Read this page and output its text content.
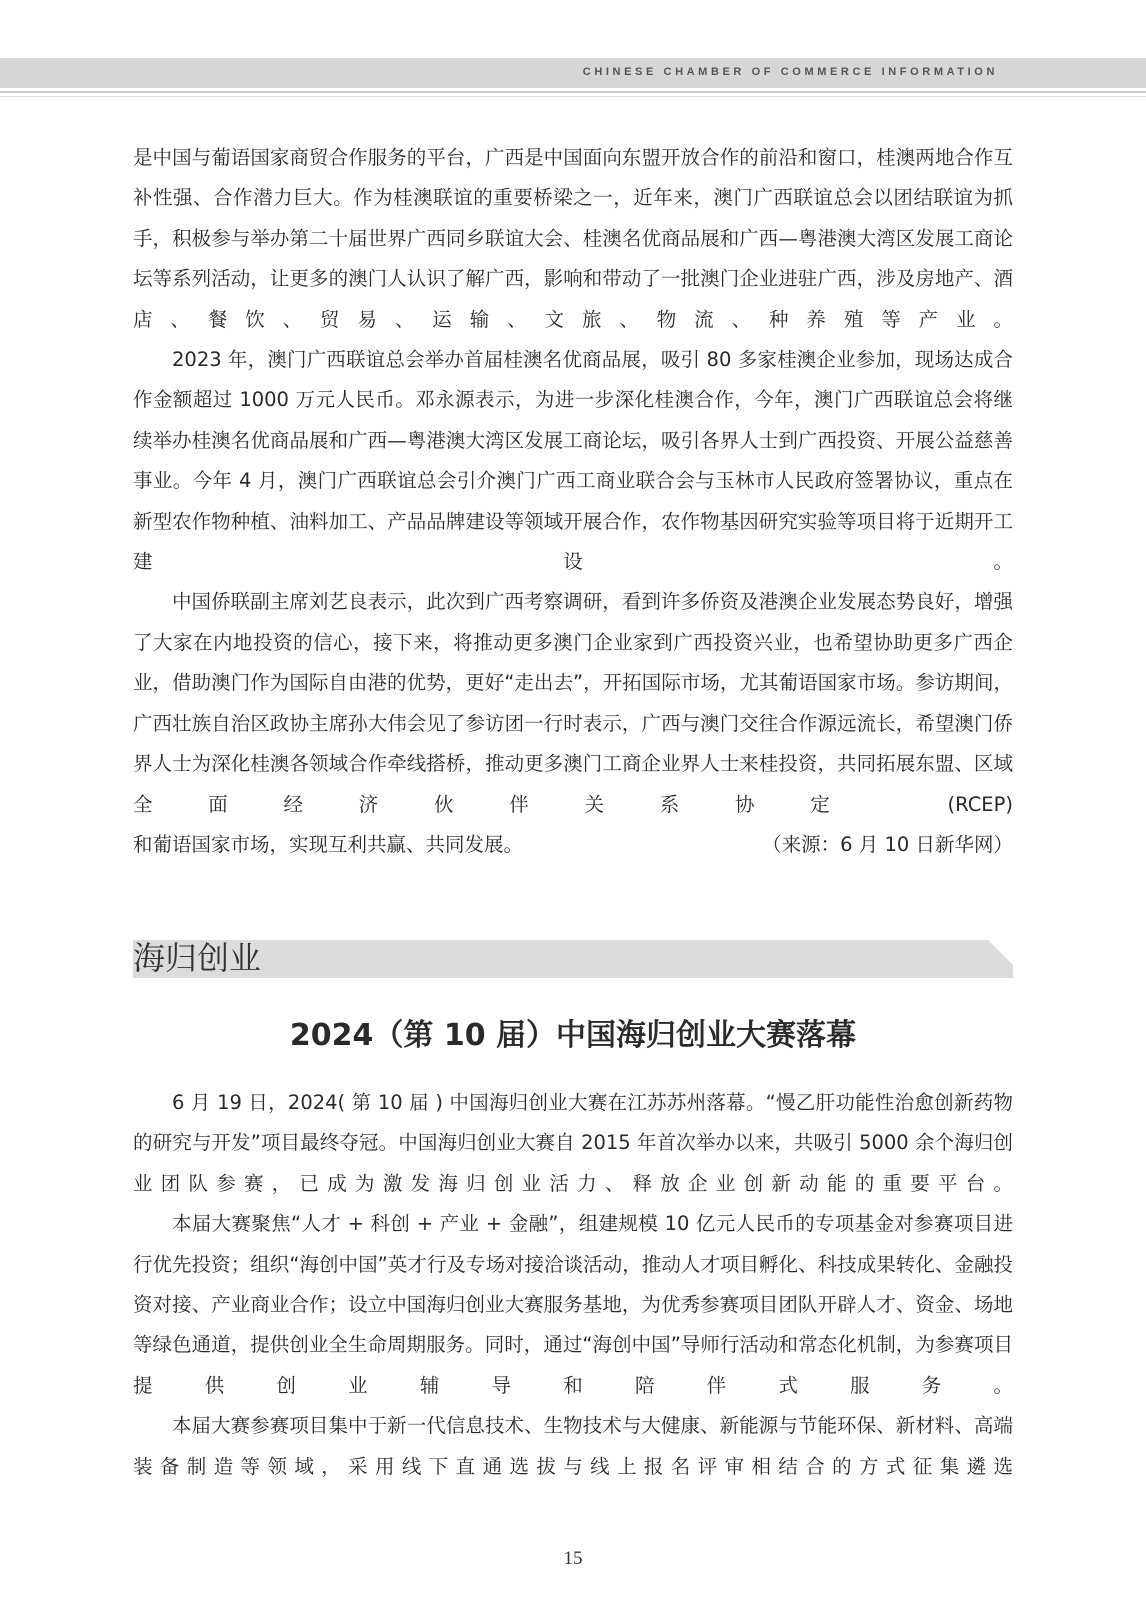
CHINESE CHAMBER OF COMMERCE INFORMATION

是中国与葡语国家商贸合作服务的平台，广西是中国面向东盟开放合作的前沿和窗口，桂澳两地合作互补性强、合作潜力巨大。作为桂澳联谊的重要桥梁之一，近年来，澳门广西联谊总会以团结联谊为抓手，积极参与举办第二十届世界广西同乡联谊大会、桂澳名优商品展和广西—粤港澳大湾区发展工商论坛等系列活动，让更多的澳门人认识了解广西，影响和带动了一批澳门企业进驻广西，涉及房地产、酒店、餐饮、贸易、运输、文旅、物流、种养殖等产业。

2023 年，澳门广西联谊总会举办首届桂澳名优商品展，吸引 80 多家桂澳企业参加，现场达成合作金额超过 1000 万元人民币。邓永源表示，为进一步深化桂澳合作，今年，澳门广西联谊总会将继续举办桂澳名优商品展和广西—粤港澳大湾区发展工商论坛，吸引各界人士到广西投资、开展公益慈善事业。今年 4 月，澳门广西联谊总会引介澳门广西工商业联合会与玉林市人民政府签署协议，重点在新型农作物种植、油料加工、产品品牌建设等领域开展合作，农作物基因研究实验等项目将于近期开工建设。

中国侨联副主席刘艺良表示，此次到广西考察调研，看到许多侨资及港澳企业发展态势良好，增强了大家在内地投资的信心，接下来，将推动更多澳门企业家到广西投资兴业，也希望协助更多广西企业，借助澳门作为国际自由港的优势，更好“走出去”，开拓国际市场，尤其葡语国家市场。参访期间，广西壮族自治区政协主席孙大伟会见了参访团一行时表示，广西与澳门交往合作源远流长，希望澳门侨界人士为深化桂澳各领域合作牵线搭桥，推动更多澳门工商企业界人士来桂投资，共同拓展东盟、区域全面经济伙伴关系协定 (RCEP)

和葡语国家市场，实现互利共赢、共同发展。	（来源：6 月 10 日新华网）
海归创业
2024（第 10 届）中国海归创业大赛落幕

6 月 19 日，2024( 第 10 届 ) 中国海归创业大赛在江苏苏州落幕。“慢乙肝功能性治愈创新药物的研究与开发”项目最终夺冠。中国海归创业大赛自 2015 年首次举办以来，共吸引 5000 余个海归创业团队参赛，已成为激发海归创业活力、释放企业创新动能的重要平台。

本届大赛聚焦“人才 + 科创 + 产业 + 金融”，组建规模 10 亿元人民币的专项基金对参赛项目进行优先投资；组织“海创中国”英才行及专场对接洽谈活动，推动人才项目孵化、科技成果转化、金融投资对接、产业商业合作；设立中国海归创业大赛服务基地，为优秀参赛项目团队开辟人才、资金、场地等绿色通道，提供创业全生命周期服务。同时，通过“海创中国”导师行活动和常态化机制，为参赛项目提供创业辅导和陪伴式服务。

本届大赛参赛项目集中于新一代信息技术、生物技术与大健康、新能源与节能环保、新材料、高端装备制造等领域，采用线下直通选拔与线上报名评审相结合的方式征集遴选

15
